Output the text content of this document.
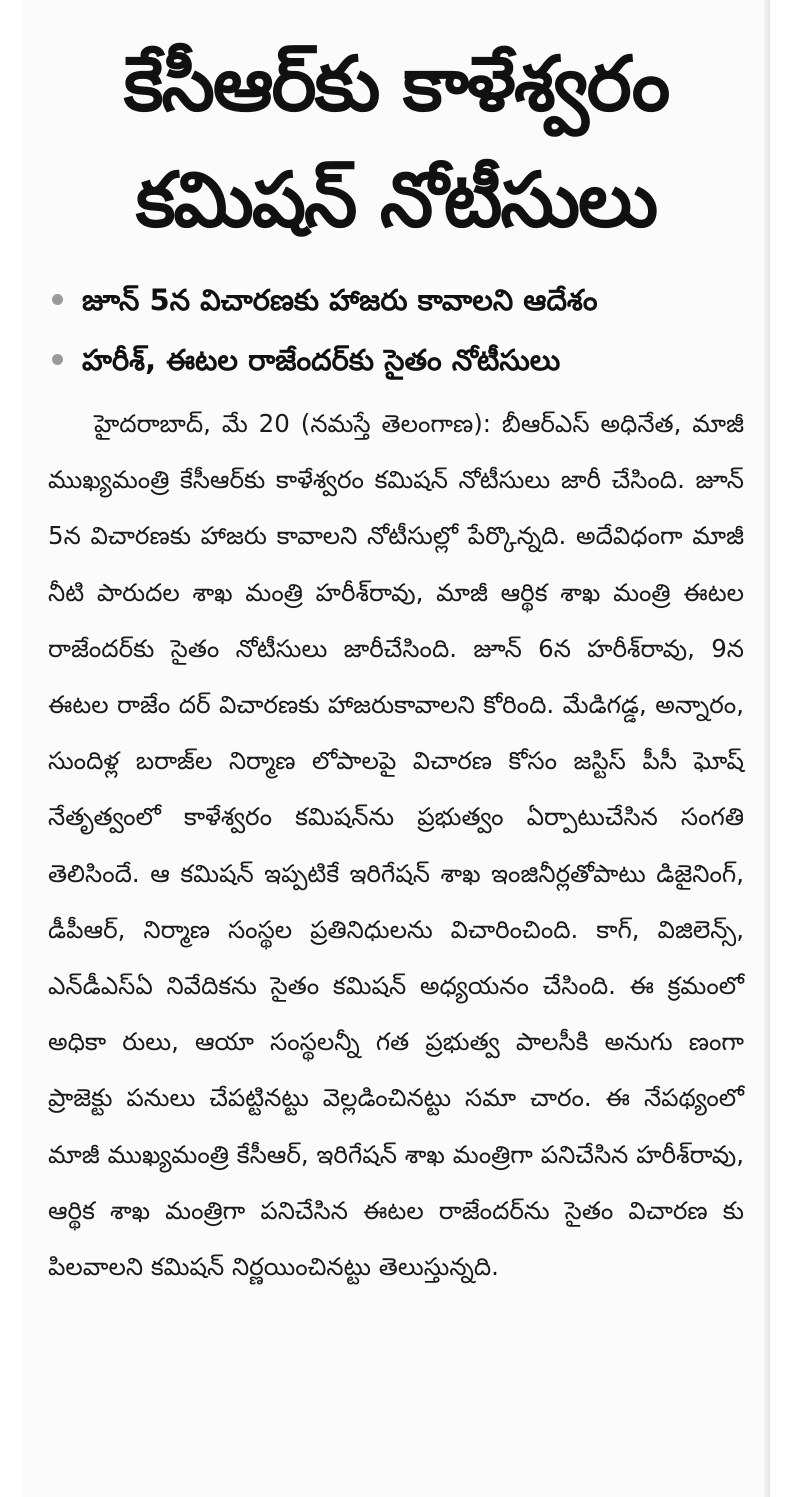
కేసీఆర్‌కు కాళేశ్వరం
కమిషన్‌ నోటీసులు
జూన్‌ 5న విచారణకు హాజరు కావాలని ఆదేశం
హరీశ్‌, ఈటల రాజేందర్‌కు సైతం నోటీసులు

హైదరాబాద్‌, మే 20 (నమస్తే తెలంగాణ): బీఆర్‌ఎస్‌ అధినేత, మాజీ ముఖ్యమంత్రి కేసీఆర్‌కు కాళేశ్వరం కమిషన్‌ నోటీసులు జారీ చేసింది. జూన్‌ 5న విచారణకు హాజరు కావాలని నోటీసుల్లో పేర్కొన్నది. అదేవిధంగా మాజీ నీటి పారుదల శాఖ మంత్రి హరీశ్‌రావు, మాజీ ఆర్థిక శాఖ మంత్రి ఈటల రాజేందర్‌కు సైతం నోటీసులు జారీచేసింది. జూన్‌ 6న హరీశ్‌రావు, 9న ఈటల రాజేం దర్‌ విచారణకు హాజరుకావాలని కోరింది. మేడిగడ్డ, అన్నారం, సుందిళ్ల బరాజ్‌ల నిర్మాణ లోపాలపై విచారణ కోసం జస్టిస్‌ పీసీ ఘోష్‌ నేతృత్వంలో కాళేశ్వరం కమిషన్‌ను ప్రభుత్వం ఏర్పాటుచేసిన సంగతి తెలిసిందే. ఆ కమిషన్‌ ఇప్పటికే ఇరిగేషన్‌ శాఖ ఇంజినీర్లతోపాటు డిజైనింగ్‌, డీపీఆర్‌, నిర్మాణ సంస్థల ప్రతినిధులను విచారించింది. కాగ్‌, విజిలెన్స్‌, ఎన్‌డీఎస్‌ఏ నివేదికను సైతం కమిషన్‌ అధ్యయనం చేసింది. ఈ క్రమంలో అధికా రులు, ఆయా సంస్థలన్నీ గత ప్రభుత్వ పాలసీకి అనుగు ణంగా ప్రాజెక్టు పనులు చేపట్టినట్టు వెల్లడించినట్టు సమా చారం. ఈ నేపథ్యంలో మాజీ ముఖ్యమంత్రి కేసీఆర్‌, ఇరిగేషన్‌ శాఖ మంత్రిగా పనిచేసిన హరీశ్‌రావు, ఆర్థిక శాఖ మంత్రిగా పనిచేసిన ఈటల రాజేందర్‌ను సైతం విచారణ కు పిలవాలని కమిషన్‌ నిర్ణయించినట్టు తెలుస్తున్నది.
